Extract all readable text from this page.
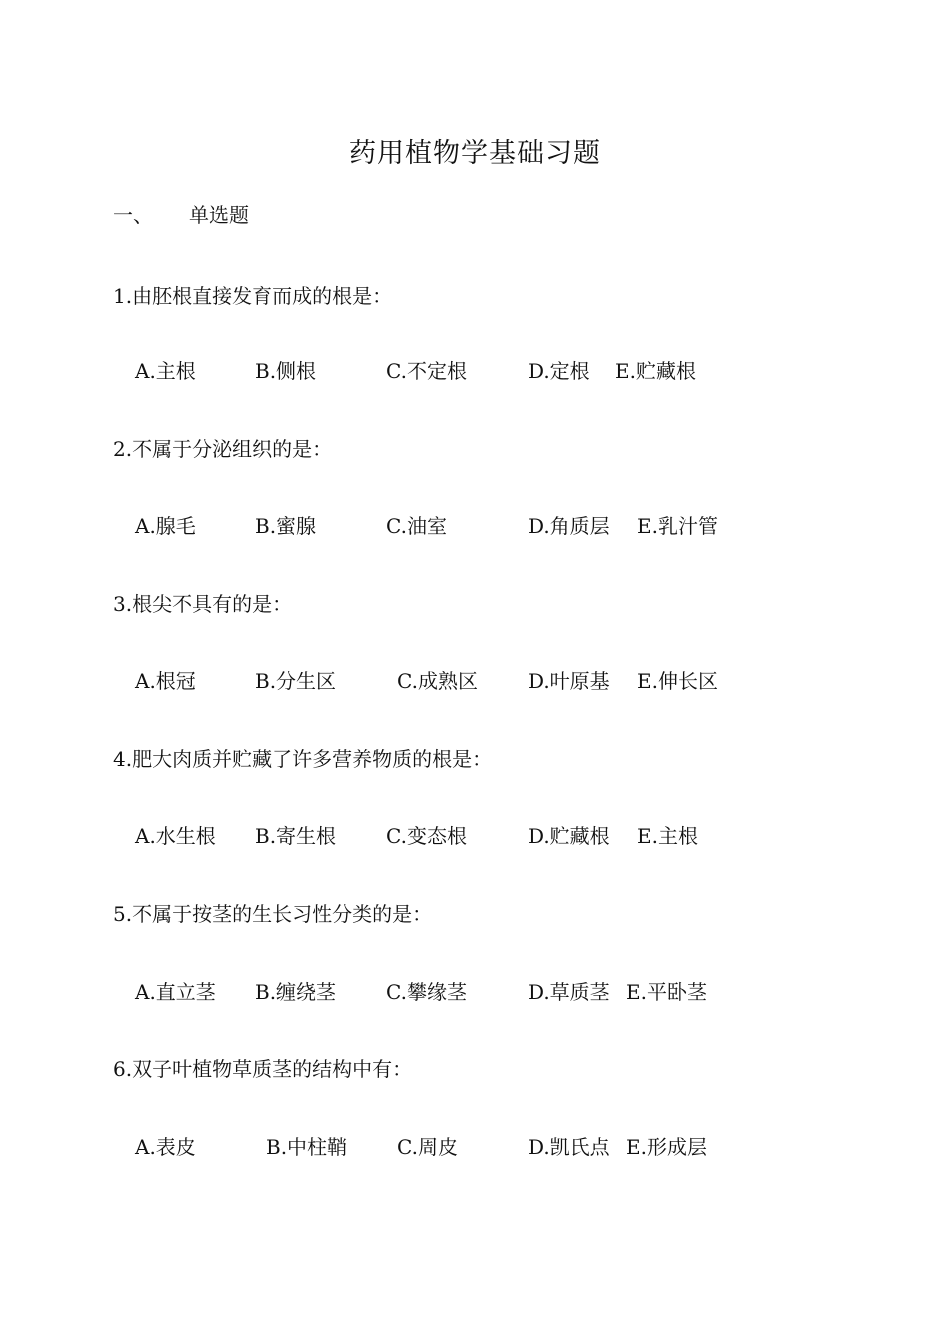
药用植物学基础习题
一、 单选题
1.由胚根直接发育而成的根是：
A.主根	B.侧根	C.不定根	D.定根 E.贮藏根
2.不属于分泌组织的是：
A.腺毛	B.蜜腺	C.油室	D.角质层 E.乳汁管
3.根尖不具有的是：
A.根冠	B.分生区	C.成熟区	D.叶原基 E.伸长区
4.肥大肉质并贮藏了许多营养物质的根是：
A.水生根 B.寄生根 C.变态根	D.贮藏根 E.主根
5.不属于按茎的生长习性分类的是：
A.直立茎 B.缠绕茎 C.攀缘茎	D.草质茎 E.平卧茎
6.双子叶植物草质茎的结构中有：
A.表皮	B.中柱鞘 C.周皮	D.凯氏点 E.形成层
